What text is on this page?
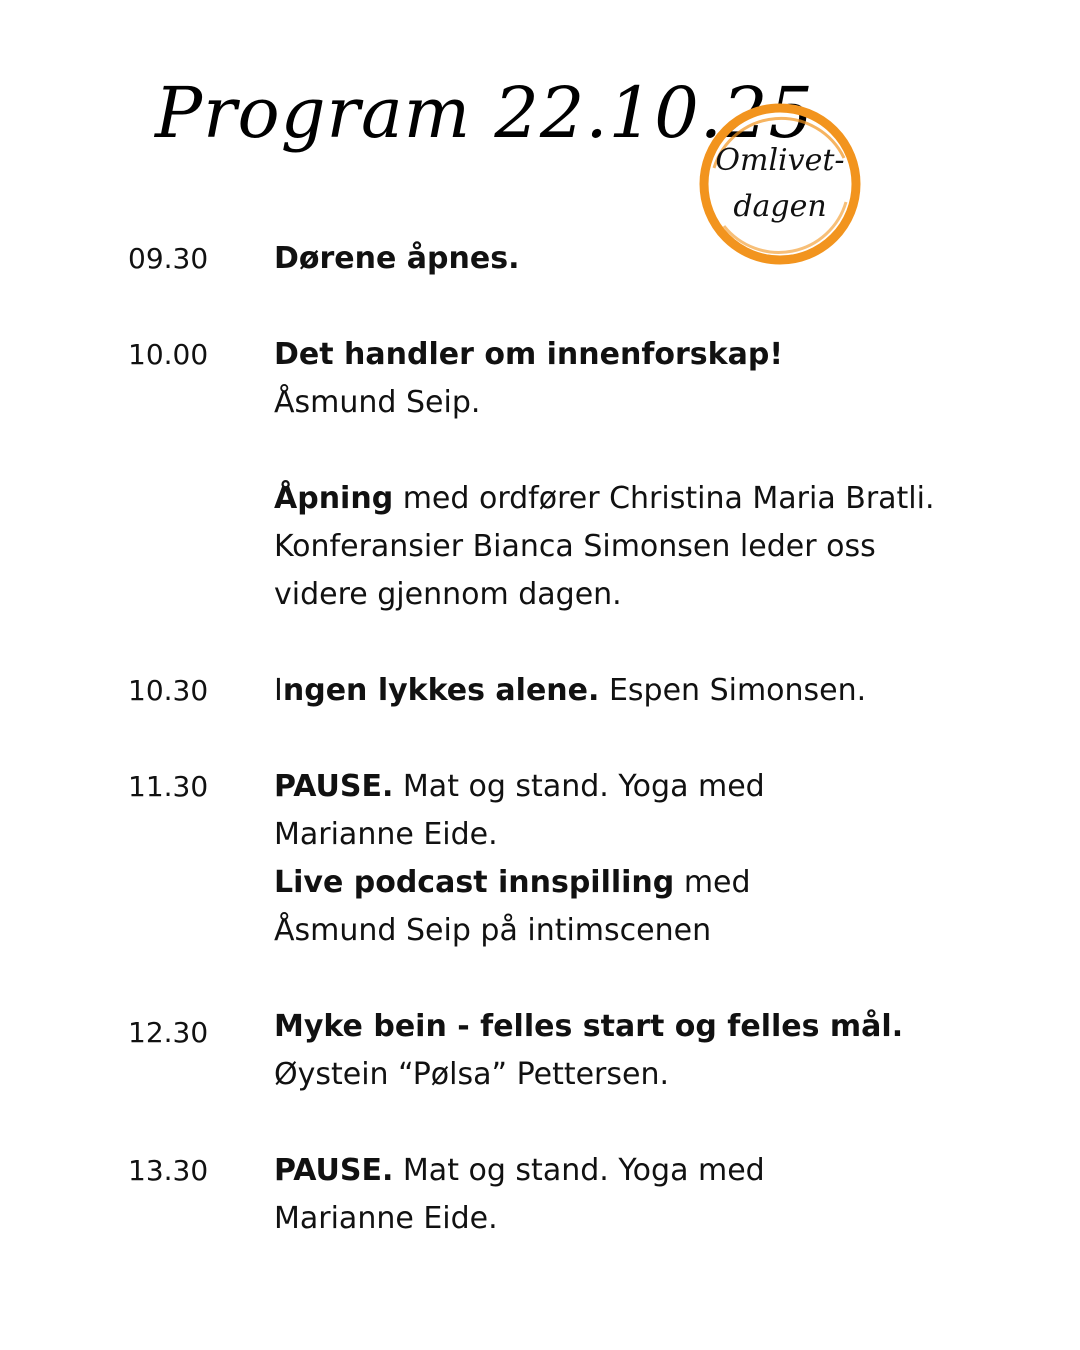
Program 22.10.25
Omlivet-
dagen
09.30 Dørene åpnes.
10.00 Det handler om innenforskap!
Åsmund Seip.
Åpning med ordfører Christina Maria Bratli.
Konferansier Bianca Simonsen leder oss
videre gjennom dagen.
10.30 Ingen lykkes alene. Espen Simonsen.
11.30 PAUSE. Mat og stand. Yoga med
Marianne Eide.
Live podcast innspilling med
Åsmund Seip på intimscenen
12.30 Myke bein - felles start og felles mål.
Øystein “Pølsa” Pettersen.
13.30 PAUSE. Mat og stand. Yoga med
Marianne Eide.
